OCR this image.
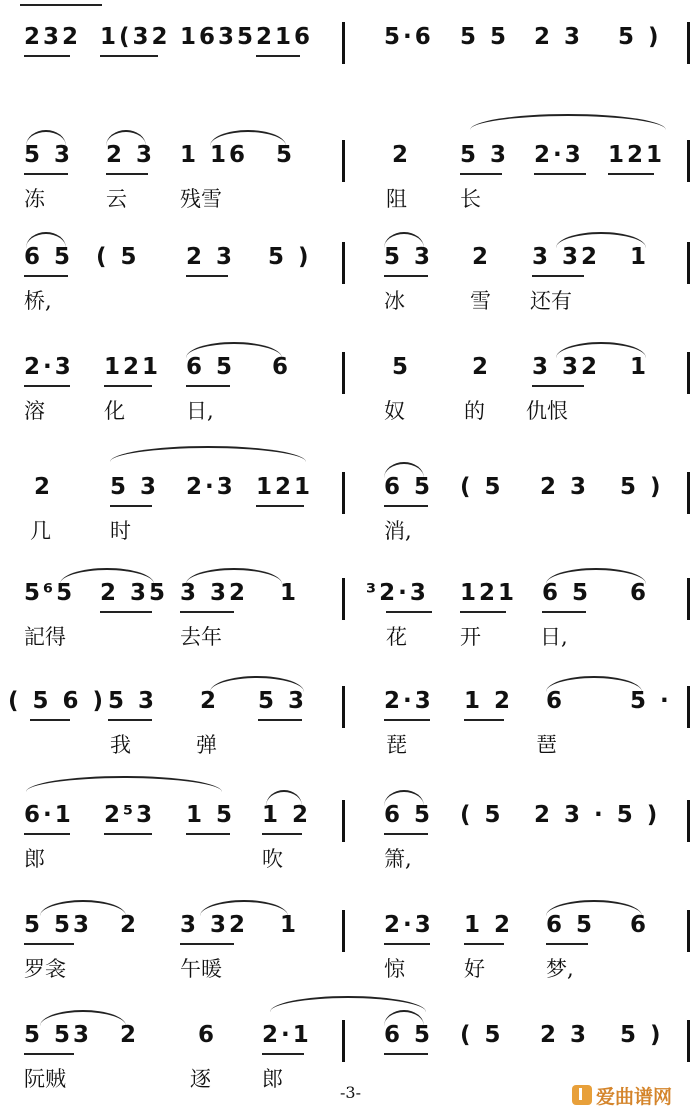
232 1(32 1635 216	5·6 5 5 2 3 5 )
5 3 2 3 1 16 5	2 5 3 2·3 121
冻	云	残雪	阻	长
6 5 ( 5 2 3 5 )	5 3 2 3 32 1
桥,	冰	雪 还有
2·3 121 6 5 6	5	2 3 32 1
溶	化	日,	奴	的 仇恨
2 5 3 2·3 121	6 5 ( 5 2 3 5 )
几	时	消,
5⁶5 2 35 3 32 1	³2·3 121 6 5 6
記得	去年	花	开	日,
( 5 6 ) 5 3 2 5 3	2·3 1 2 6	5 ·
我	弹	琵	琶
6·1 2⁵3 1 5 1 2	6 5 ( 5 2 3 · 5 )
郎	吹	箫,
5 53 2 3 32 1	2·3 1 2 6 5 6
罗衾	午暖	惊	好	梦,
5 53 2	6 2·1	6 5 ( 5 2 3 5 )
阮贼	逐 郎
-3-	爱曲谱网
